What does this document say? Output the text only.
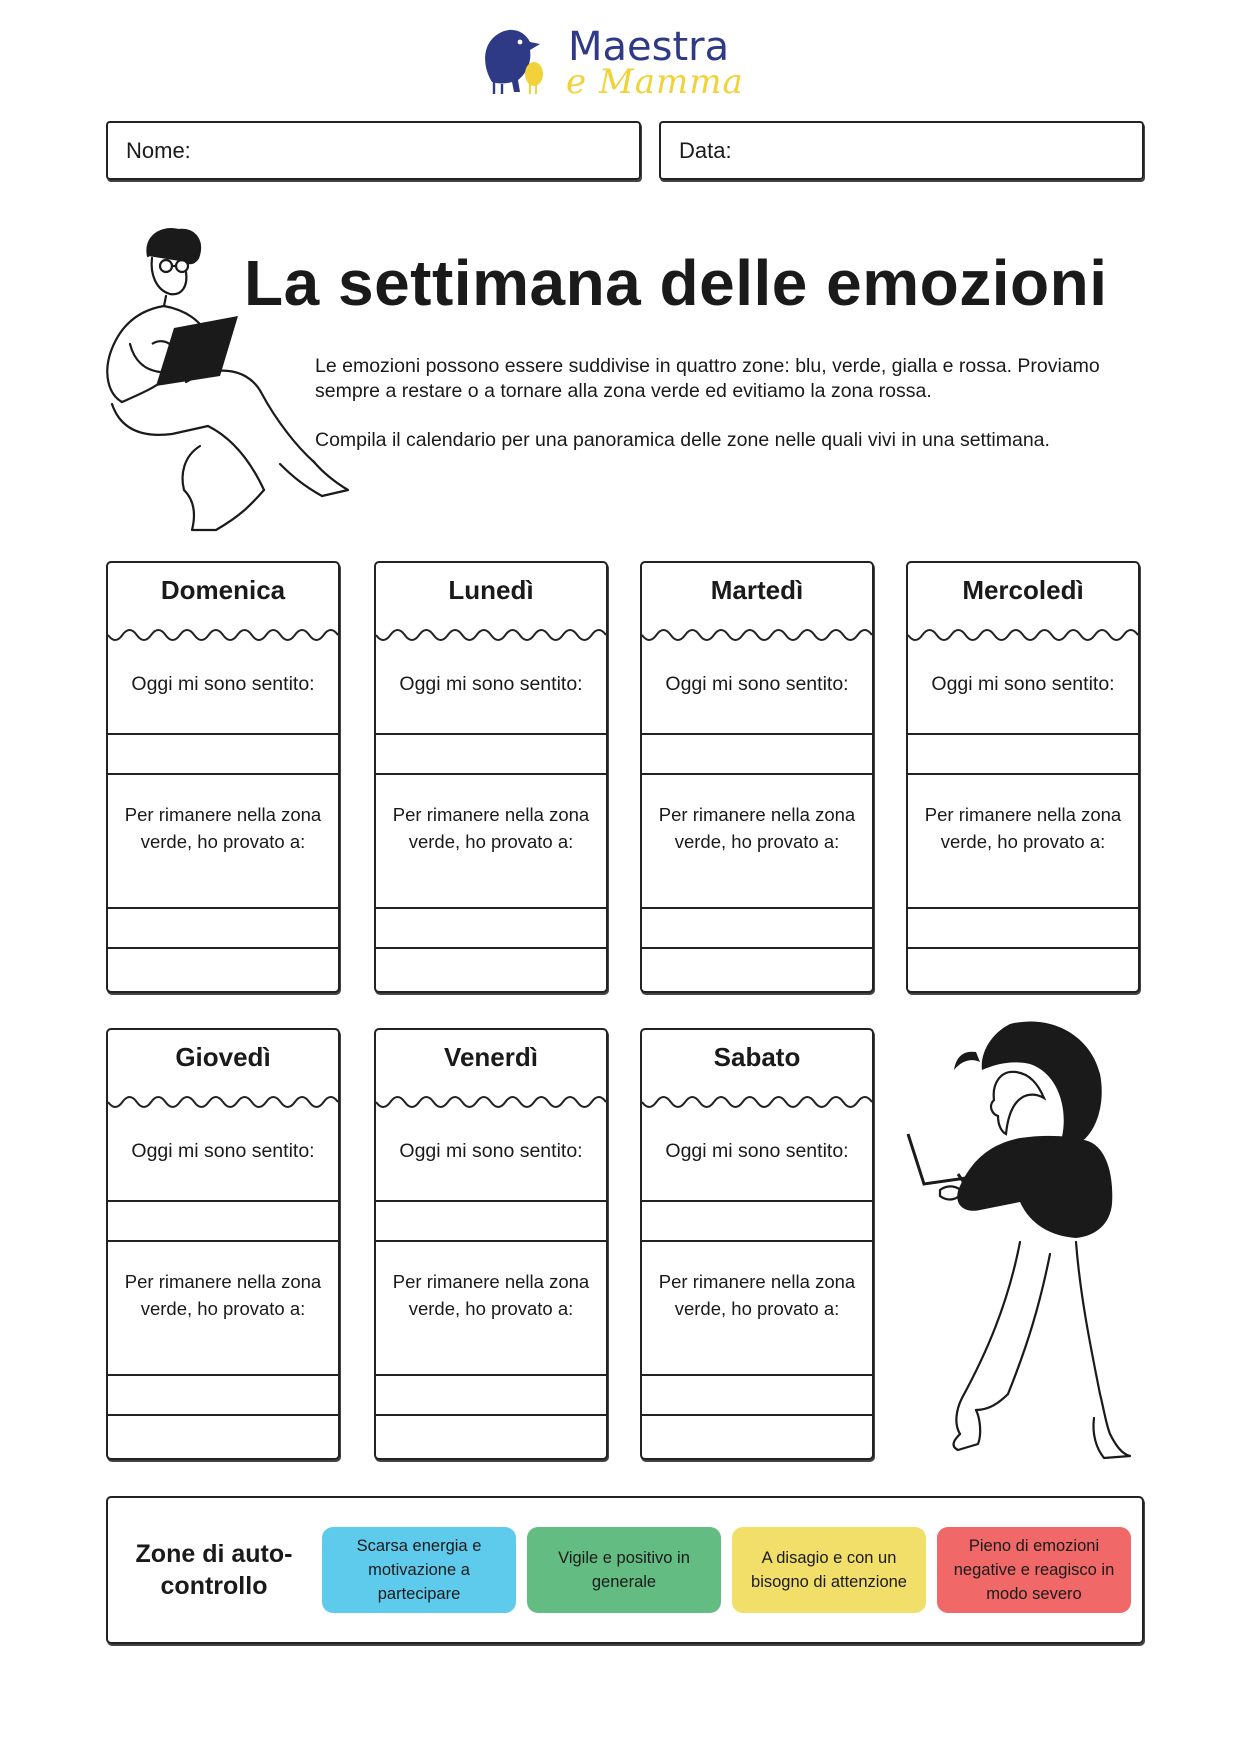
Maestra
e Mamma
Nome:	Data:
La settimana delle emozioni

Le emozioni possono essere suddivise in quattro zone: blu, verde, gialla e rossa. Proviamo sempre a restare o a tornare alla zona verde ed evitiamo la zona rossa.

Compila il calendario per una panoramica delle zone nelle quali vivi in una settimana.

Domenica
Oggi mi sono sentito:
Per rimanere nella zona verde, ho provato a:
Lunedì
Oggi mi sono sentito:
Per rimanere nella zona verde, ho provato a:
Martedì
Oggi mi sono sentito:
Per rimanere nella zona verde, ho provato a:
Mercoledì
Oggi mi sono sentito:
Per rimanere nella zona verde, ho provato a:
Giovedì
Oggi mi sono sentito:
Per rimanere nella zona verde, ho provato a:
Venerdì
Oggi mi sono sentito:
Per rimanere nella zona verde, ho provato a:
Sabato
Oggi mi sono sentito:
Per rimanere nella zona verde, ho provato a:
Zone di auto-controllo
Scarsa energia e motivazione a partecipare
Vigile e positivo in generale
A disagio e con un bisogno di attenzione
Pieno di emozioni negative e reagisco in modo severo
